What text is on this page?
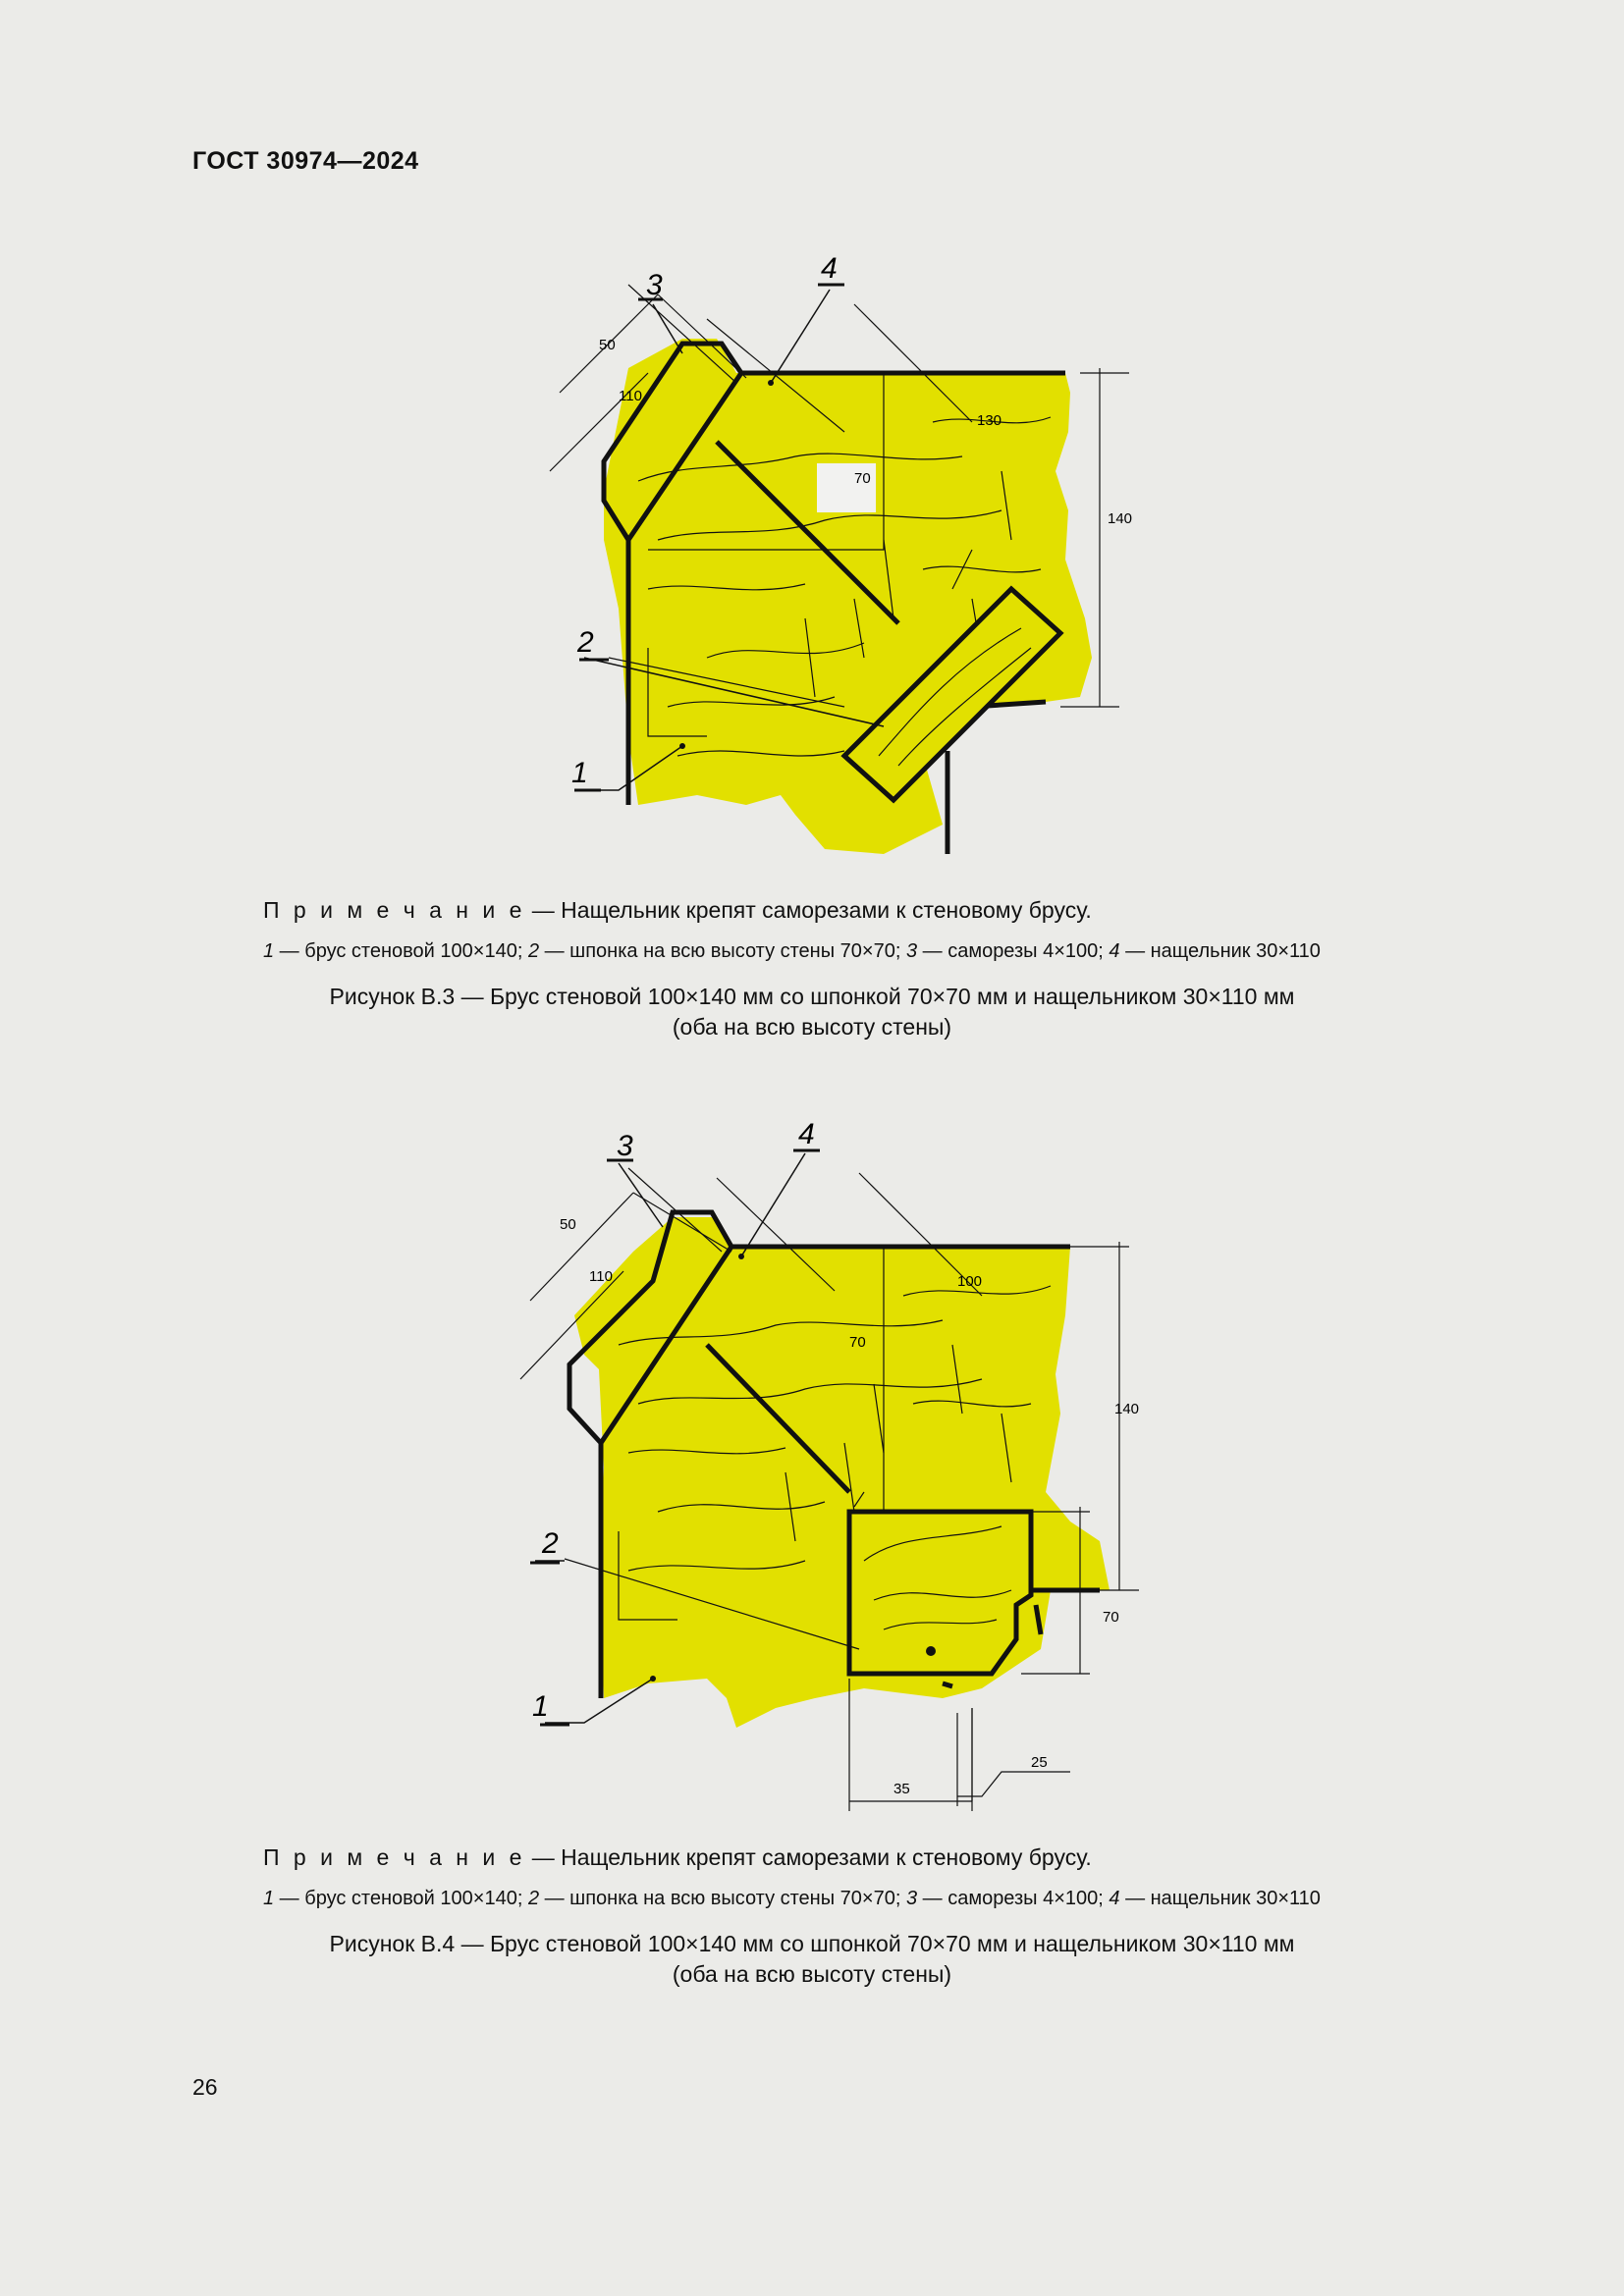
ГОСТ 30974—2024
1
2
3
4
50
110
130
70
140
П р и м е ч а н и е — Нащельник крепят саморезами к стеновому брусу.
1 — брус стеновой 100×140; 2 — шпонка на всю высоту стены 70×70; 3 — саморезы 4×100; 4 — нащельник 30×110
Рисунок В.3 — Брус стеновой 100×140 мм со шпонкой 70×70 мм и нащельником 30×110 мм
(оба на всю высоту стены)
1
2
3	4
50
110	100
70
140
70
35
25
П р и м е ч а н и е — Нащельник крепят саморезами к стеновому брусу.
1 — брус стеновой 100×140; 2 — шпонка на всю высоту стены 70×70; 3 — саморезы 4×100; 4 — нащельник 30×110
Рисунок В.4 — Брус стеновой 100×140 мм со шпонкой 70×70 мм и нащельником 30×110 мм
(оба на всю высоту стены)
26
